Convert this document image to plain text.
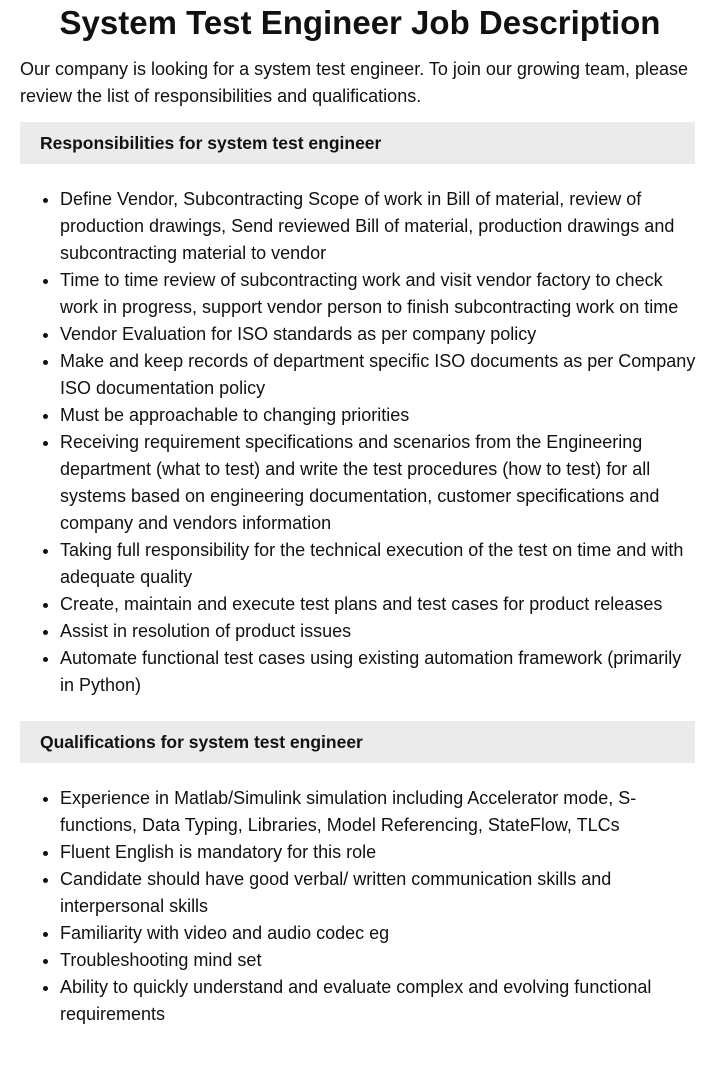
System Test Engineer Job Description

Our company is looking for a system test engineer. To join our growing team, please review the list of responsibilities and qualifications.

Responsibilities for system test engineer
• Define Vendor, Subcontracting Scope of work in Bill of material, review of production drawings, Send reviewed Bill of material, production drawings and subcontracting material to vendor
• Time to time review of subcontracting work and visit vendor factory to check work in progress, support vendor person to finish subcontracting work on time
• Vendor Evaluation for ISO standards as per company policy
• Make and keep records of department specific ISO documents as per Company ISO documentation policy
• Must be approachable to changing priorities
• Receiving requirement specifications and scenarios from the Engineering department (what to test) and write the test procedures (how to test) for all systems based on engineering documentation, customer specifications and company and vendors information
• Taking full responsibility for the technical execution of the test on time and with adequate quality
• Create, maintain and execute test plans and test cases for product releases
• Assist in resolution of product issues
• Automate functional test cases using existing automation framework (primarily in Python)
Qualifications for system test engineer
• Experience in Matlab/Simulink simulation including Accelerator mode, S-functions, Data Typing, Libraries, Model Referencing, StateFlow, TLCs
• Fluent English is mandatory for this role
• Candidate should have good verbal/ written communication skills and interpersonal skills
• Familiarity with video and audio codec eg
• Troubleshooting mind set
• Ability to quickly understand and evaluate complex and evolving functional requirements
